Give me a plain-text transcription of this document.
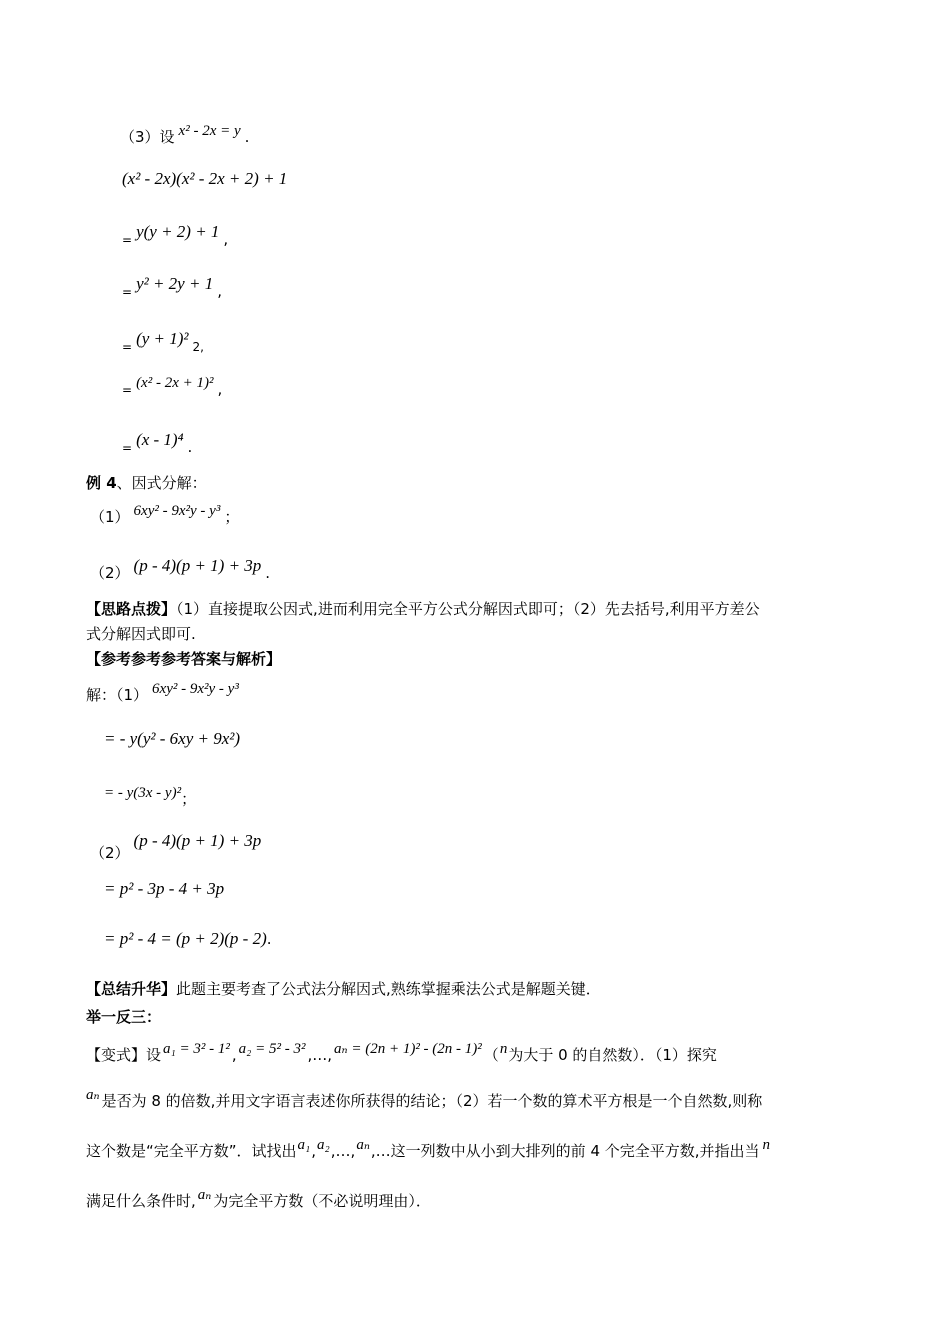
（3）设 x² - 2x = y .
(x² - 2x)(x² - 2x + 2) + 1
= y(y + 2) + 1 ,
= y² + 2y + 1 ,
= (y + 1)² 2,
= (x² - 2x + 1)² ,
= (x - 1)⁴ .
例 4、因式分解：
（1） 6xy² - 9x²y - y³ ；
（2） (p - 4)(p + 1) + 3p .
【思路点拨】（1）直接提取公因式,进而利用完全平方公式分解因式即可；（2）先去括号,利用平方差公
式分解因式即可.
【参考参考参考答案与解析】
解：（1） 6xy² - 9x²y - y³
= - y(y² - 6xy + 9x²)
= - y(3x - y)²；
（2）(p - 4)(p + 1) + 3p
= p² - 3p - 4 + 3p
= p² - 4 = (p + 2)(p - 2).
【总结升华】此题主要考查了公式法分解因式,熟练掌握乘法公式是解题关键．
举一反三：
【变式】设 a₁ = 3² - 1² , a₂ = 5² - 3² ,…, aₙ = (2n + 1)² - (2n - 1)² （n为大于 0 的自然数）．（1）探究
aₙ 是否为 8 的倍数,并用文字语言表述你所获得的结论；（2）若一个数的算术平方根是一个自然数,则称
这个数是“完全平方数”．试找出a₁,a₂,…,aₙ,…这一列数中从小到大排列的前 4 个完全平方数,并指出当 n
满足什么条件时, aₙ 为完全平方数（不必说明理由）．
